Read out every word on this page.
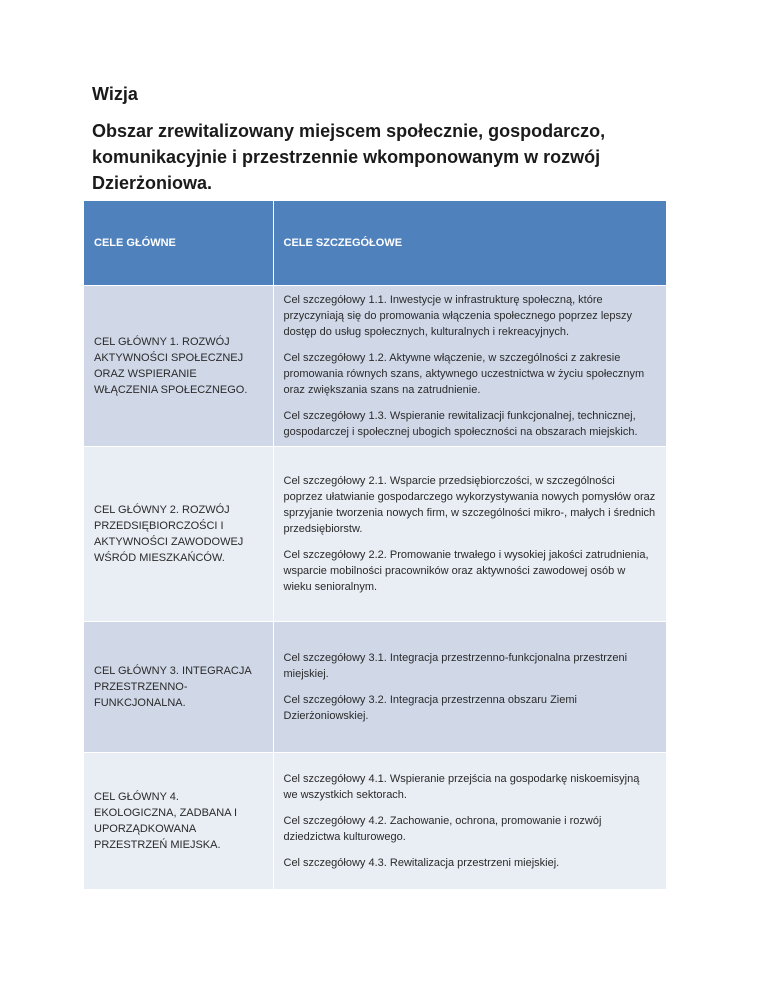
Wizja
Obszar zrewitalizowany miejscem społecznie, gospodarczo, komunikacyjnie i przestrzennie wkomponowanym w rozwój Dzierżoniowa.
CELE GŁÓWNE	CELE SZCZEGÓŁOWE
CEL GŁÓWNY 1. ROZWÓJ AKTYWNOŚCI SPOŁECZNEJ ORAZ WSPIERANIE WŁĄCZENIA SPOŁECZNEGO.	Cel szczegółowy 1.1. Inwestycje w infrastrukturę społeczną, które przyczyniają się do promowania włączenia społecznego poprzez lepszy dostęp do usług społecznych, kulturalnych i rekreacyjnych.

Cel szczegółowy 1.2. Aktywne włączenie, w szczególności z zakresie promowania równych szans, aktywnego uczestnictwa w życiu społecznym oraz zwiększania szans na zatrudnienie.

Cel szczegółowy 1.3. Wspieranie rewitalizacji funkcjonalnej, technicznej, gospodarczej i społecznej ubogich społeczności na obszarach miejskich.

CEL GŁÓWNY 2. ROZWÓJ PRZEDSIĘBIORCZOŚCI I AKTYWNOŚCI ZAWODOWEJ WŚRÓD MIESZKAŃCÓW.	Cel szczegółowy 2.1. Wsparcie przedsiębiorczości, w szczególności poprzez ułatwianie gospodarczego wykorzystywania nowych pomysłów oraz sprzyjanie tworzenia nowych firm, w szczególności mikro-, małych i średnich przedsiębiorstw.

Cel szczegółowy 2.2. Promowanie trwałego i wysokiej jakości zatrudnienia, wsparcie mobilności pracowników oraz aktywności zawodowej osób w wieku senioralnym.

CEL GŁÓWNY 3. INTEGRACJA PRZESTRZENNO-FUNKCJONALNA.	Cel szczegółowy 3.1. Integracja przestrzenno-funkcjonalna przestrzeni miejskiej.

Cel szczegółowy 3.2. Integracja przestrzenna obszaru Ziemi Dzierżoniowskiej.

CEL GŁÓWNY 4. EKOLOGICZNA, ZADBANA I UPORZĄDKOWANA PRZESTRZEŃ MIEJSKA.	Cel szczegółowy 4.1. Wspieranie przejścia na gospodarkę niskoemisyjną we wszystkich sektorach.

Cel szczegółowy 4.2. Zachowanie, ochrona, promowanie i rozwój dziedzictwa kulturowego.

Cel szczegółowy 4.3. Rewitalizacja przestrzeni miejskiej.
